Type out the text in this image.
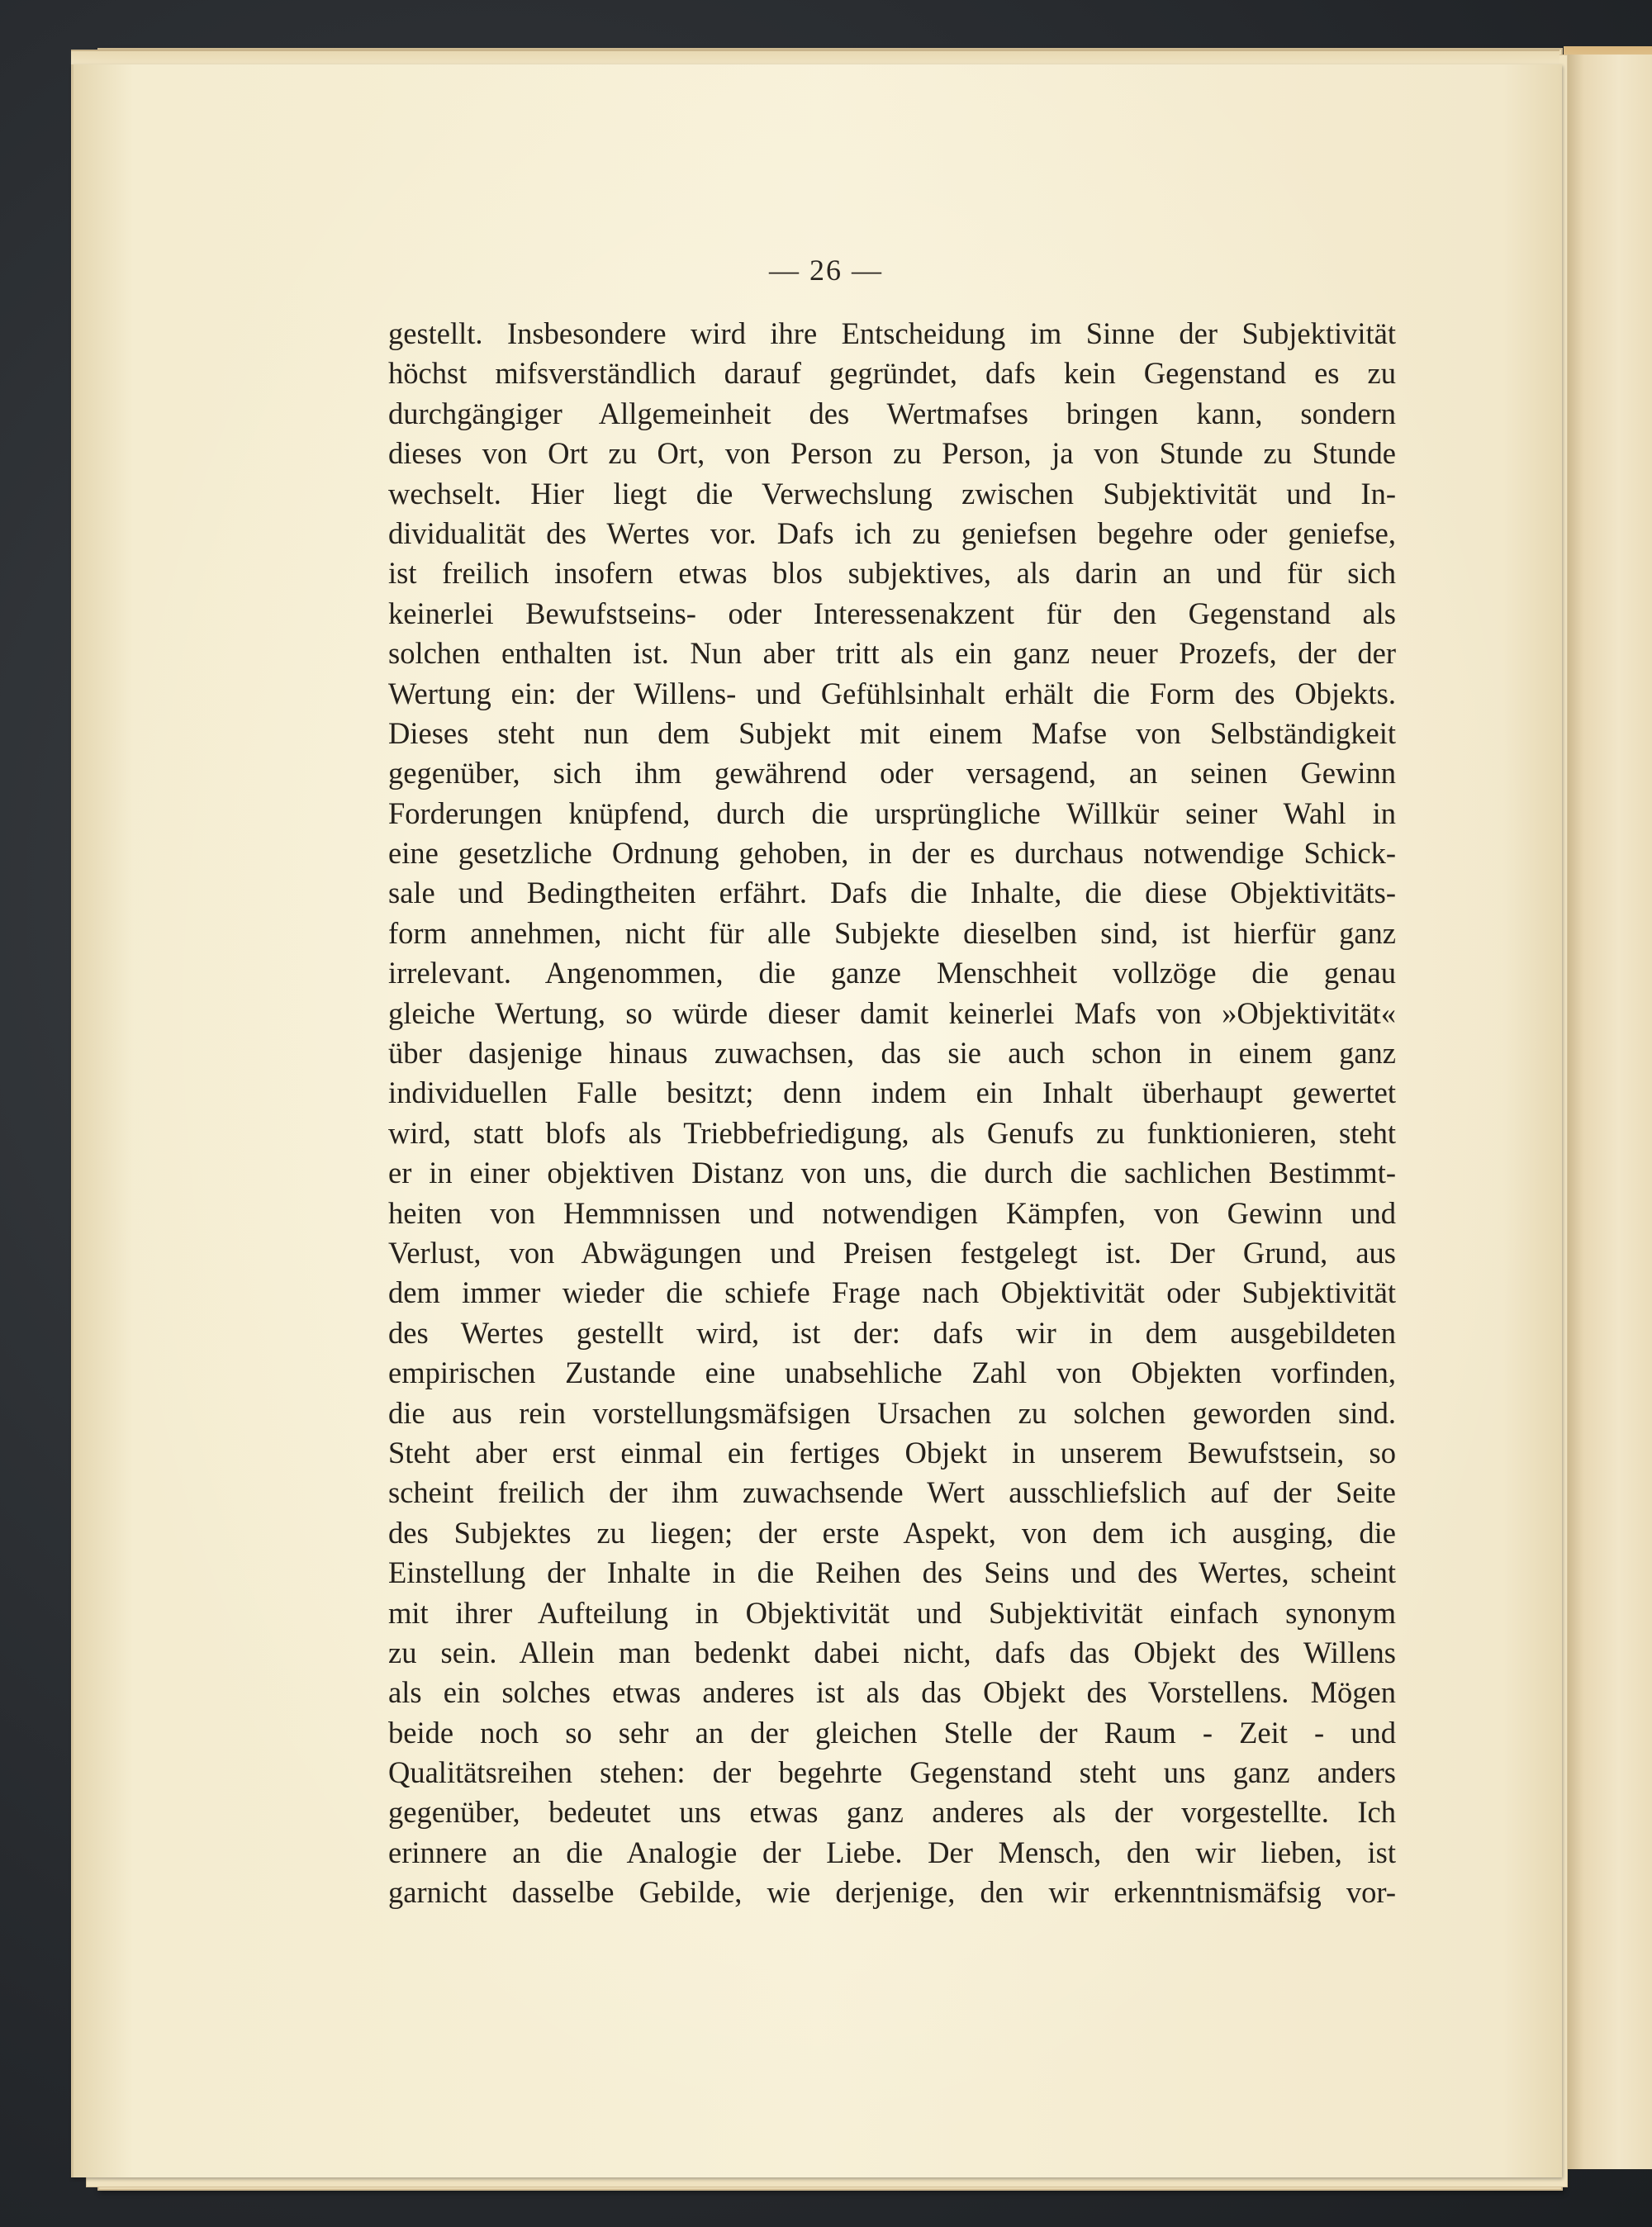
— 26 —
gestellt. Insbesondere wird ihre Entscheidung im Sinne der Subjektivität
höchst mifsverständlich darauf gegründet, dafs kein Gegenstand es zu
durchgängiger Allgemeinheit des Wertmafses bringen kann, sondern
dieses von Ort zu Ort, von Person zu Person, ja von Stunde zu Stunde
wechselt. Hier liegt die Verwechslung zwischen Subjektivität und In-
dividualität des Wertes vor. Dafs ich zu geniefsen begehre oder geniefse,
ist freilich insofern etwas blos subjektives, als darin an und für sich
keinerlei Bewufstseins- oder Interessenakzent für den Gegenstand als
solchen enthalten ist. Nun aber tritt als ein ganz neuer Prozefs, der der
Wertung ein: der Willens- und Gefühlsinhalt erhält die Form des Objekts.
Dieses steht nun dem Subjekt mit einem Mafse von Selbständigkeit
gegenüber, sich ihm gewährend oder versagend, an seinen Gewinn
Forderungen knüpfend, durch die ursprüngliche Willkür seiner Wahl in
eine gesetzliche Ordnung gehoben, in der es durchaus notwendige Schick-
sale und Bedingtheiten erfährt. Dafs die Inhalte, die diese Objektivitäts-
form annehmen, nicht für alle Subjekte dieselben sind, ist hierfür ganz
irrelevant. Angenommen, die ganze Menschheit vollzöge die genau
gleiche Wertung, so würde dieser damit keinerlei Mafs von »Objektivität«
über dasjenige hinaus zuwachsen, das sie auch schon in einem ganz
individuellen Falle besitzt; denn indem ein Inhalt überhaupt gewertet
wird, statt blofs als Triebbefriedigung, als Genufs zu funktionieren, steht
er in einer objektiven Distanz von uns, die durch die sachlichen Bestimmt-
heiten von Hemmnissen und notwendigen Kämpfen, von Gewinn und
Verlust, von Abwägungen und Preisen festgelegt ist. Der Grund, aus
dem immer wieder die schiefe Frage nach Objektivität oder Subjektivität
des Wertes gestellt wird, ist der: dafs wir in dem ausgebildeten
empirischen Zustande eine unabsehliche Zahl von Objekten vorfinden,
die aus rein vorstellungsmäfsigen Ursachen zu solchen geworden sind.
Steht aber erst einmal ein fertiges Objekt in unserem Bewufstsein, so
scheint freilich der ihm zuwachsende Wert ausschliefslich auf der Seite
des Subjektes zu liegen; der erste Aspekt, von dem ich ausging, die
Einstellung der Inhalte in die Reihen des Seins und des Wertes, scheint
mit ihrer Aufteilung in Objektivität und Subjektivität einfach synonym
zu sein. Allein man bedenkt dabei nicht, dafs das Objekt des Willens
als ein solches etwas anderes ist als das Objekt des Vorstellens. Mögen
beide noch so sehr an der gleichen Stelle der Raum - Zeit - und
Qualitätsreihen stehen: der begehrte Gegenstand steht uns ganz anders
gegenüber, bedeutet uns etwas ganz anderes als der vorgestellte. Ich
erinnere an die Analogie der Liebe. Der Mensch, den wir lieben, ist
garnicht dasselbe Gebilde, wie derjenige, den wir erkenntnismäfsig vor-
